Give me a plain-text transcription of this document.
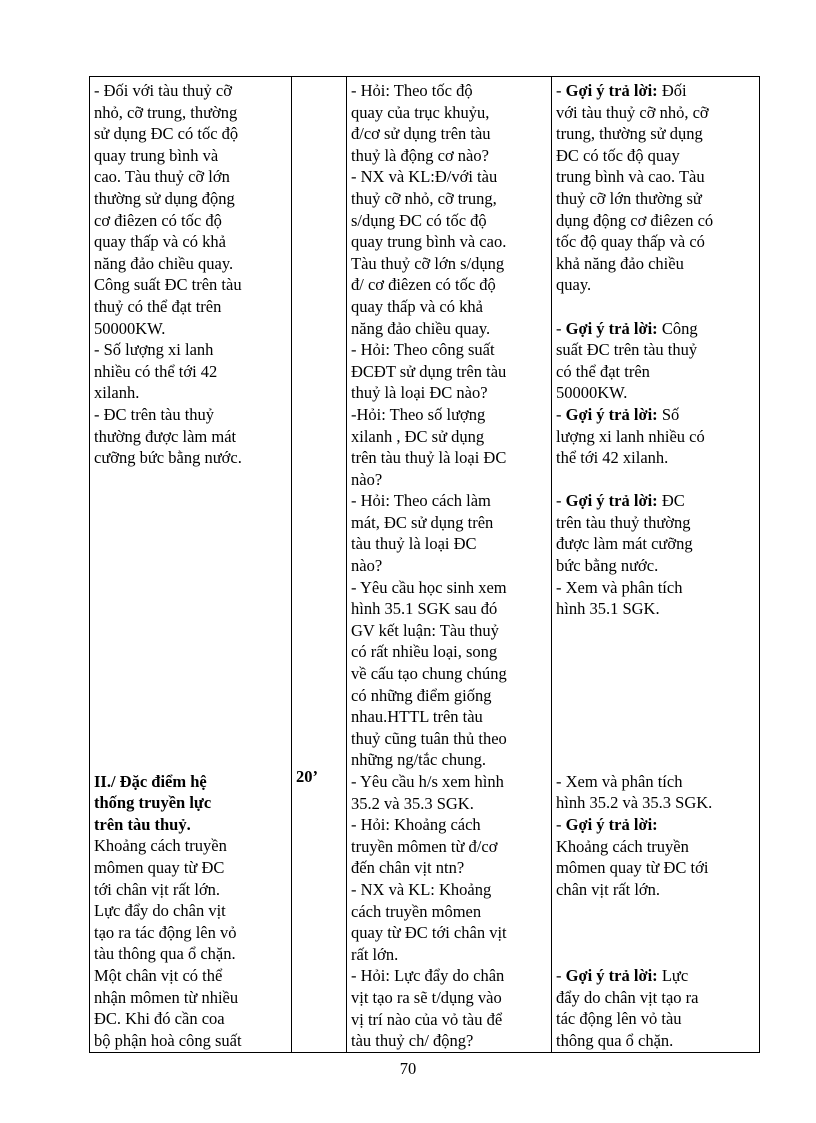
- Đối với tàu thuỷ cỡ
nhỏ, cỡ trung, thường
sử dụng ĐC có tốc độ
quay trung bình và
cao. Tàu thuỷ cỡ lớn
thường sử dụng động
cơ điêzen có tốc độ
quay thấp và có khả
năng đảo chiều quay.
Công suất ĐC trên tàu
thuỷ có thể đạt trên
50000KW.
- Số lượng xi lanh
nhiều có thể tới 42
xilanh.
- ĐC trên tàu thuỷ
thường được làm mát
cưỡng bức bằng nước.
II./ Đặc điểm hệ
thống truyền lực
trên tàu thuỷ.
Khoảng cách truyền
mômen quay từ ĐC
tới chân vịt rất lớn.
Lực đẩy do chân vịt
tạo ra tác động lên vỏ
tàu thông qua ổ chặn.
Một chân vịt có thể
nhận mômen từ nhiều
ĐC. Khi đó cần coa
bộ phận hoà công suất

20’

- Hỏi: Theo tốc độ
quay của trục khuỷu,
đ/cơ sử dụng trên tàu
thuỷ là động cơ nào?
- NX và KL:Đ/với tàu
thuỷ cỡ nhỏ, cỡ trung,
s/dụng ĐC có tốc độ
quay trung bình và cao.
Tàu thuỷ cỡ lớn s/dụng
đ/ cơ điêzen có tốc độ
quay thấp và có khả
năng đảo chiều quay.
- Hỏi: Theo công suất
ĐCĐT sử dụng trên tàu
thuỷ là loại ĐC nào?
-Hỏi: Theo số lượng
xilanh , ĐC sử dụng
trên tàu thuỷ là loại ĐC
nào?
- Hỏi: Theo cách làm
mát, ĐC sử dụng trên
tàu thuỷ là loại ĐC
nào?
- Yêu cầu học sinh xem
hình 35.1 SGK sau đó
GV kết luận: Tàu thuỷ
có rất nhiều loại, song
về cấu tạo chung chúng
có những điểm giống
nhau.HTTL trên tàu
thuỷ cũng tuân thủ theo
những ng/tắc chung.
- Yêu cầu h/s xem hình
35.2 và 35.3 SGK.
- Hỏi: Khoảng cách
truyền mômen từ đ/cơ
đến chân vịt ntn?
- NX và KL: Khoảng
cách truyền mômen
quay từ ĐC tới chân vịt
rất lớn.
- Hỏi: Lực đẩy do chân
vịt tạo ra sẽ t/dụng vào
vị trí nào của vỏ tàu để
tàu thuỷ ch/ động?

- Gợi ý trả lời: Đối
với tàu thuỷ cỡ nhỏ, cỡ
trung, thường sử dụng
ĐC có tốc độ quay
trung bình và cao. Tàu
thuỷ cỡ lớn thường sử
dụng động cơ điêzen có
tốc độ quay thấp và có
khả năng đảo chiều
quay.
- Gợi ý trả lời: Công
suất ĐC trên tàu thuỷ
có thể đạt trên
50000KW.
- Gợi ý trả lời: Số
lượng xi lanh nhiều có
thể tới 42 xilanh.
- Gợi ý trả lời: ĐC
trên tàu thuỷ thường
được làm mát cưỡng
bức bằng nước.
- Xem và phân tích
hình 35.1 SGK.
- Xem và phân tích
hình 35.2 và 35.3 SGK.
- Gợi ý trả lời:
Khoảng cách truyền
mômen quay từ ĐC tới
chân vịt rất lớn.
- Gợi ý trả lời: Lực
đẩy do chân vịt tạo ra
tác động lên vỏ tàu
thông qua ổ chặn.
70
